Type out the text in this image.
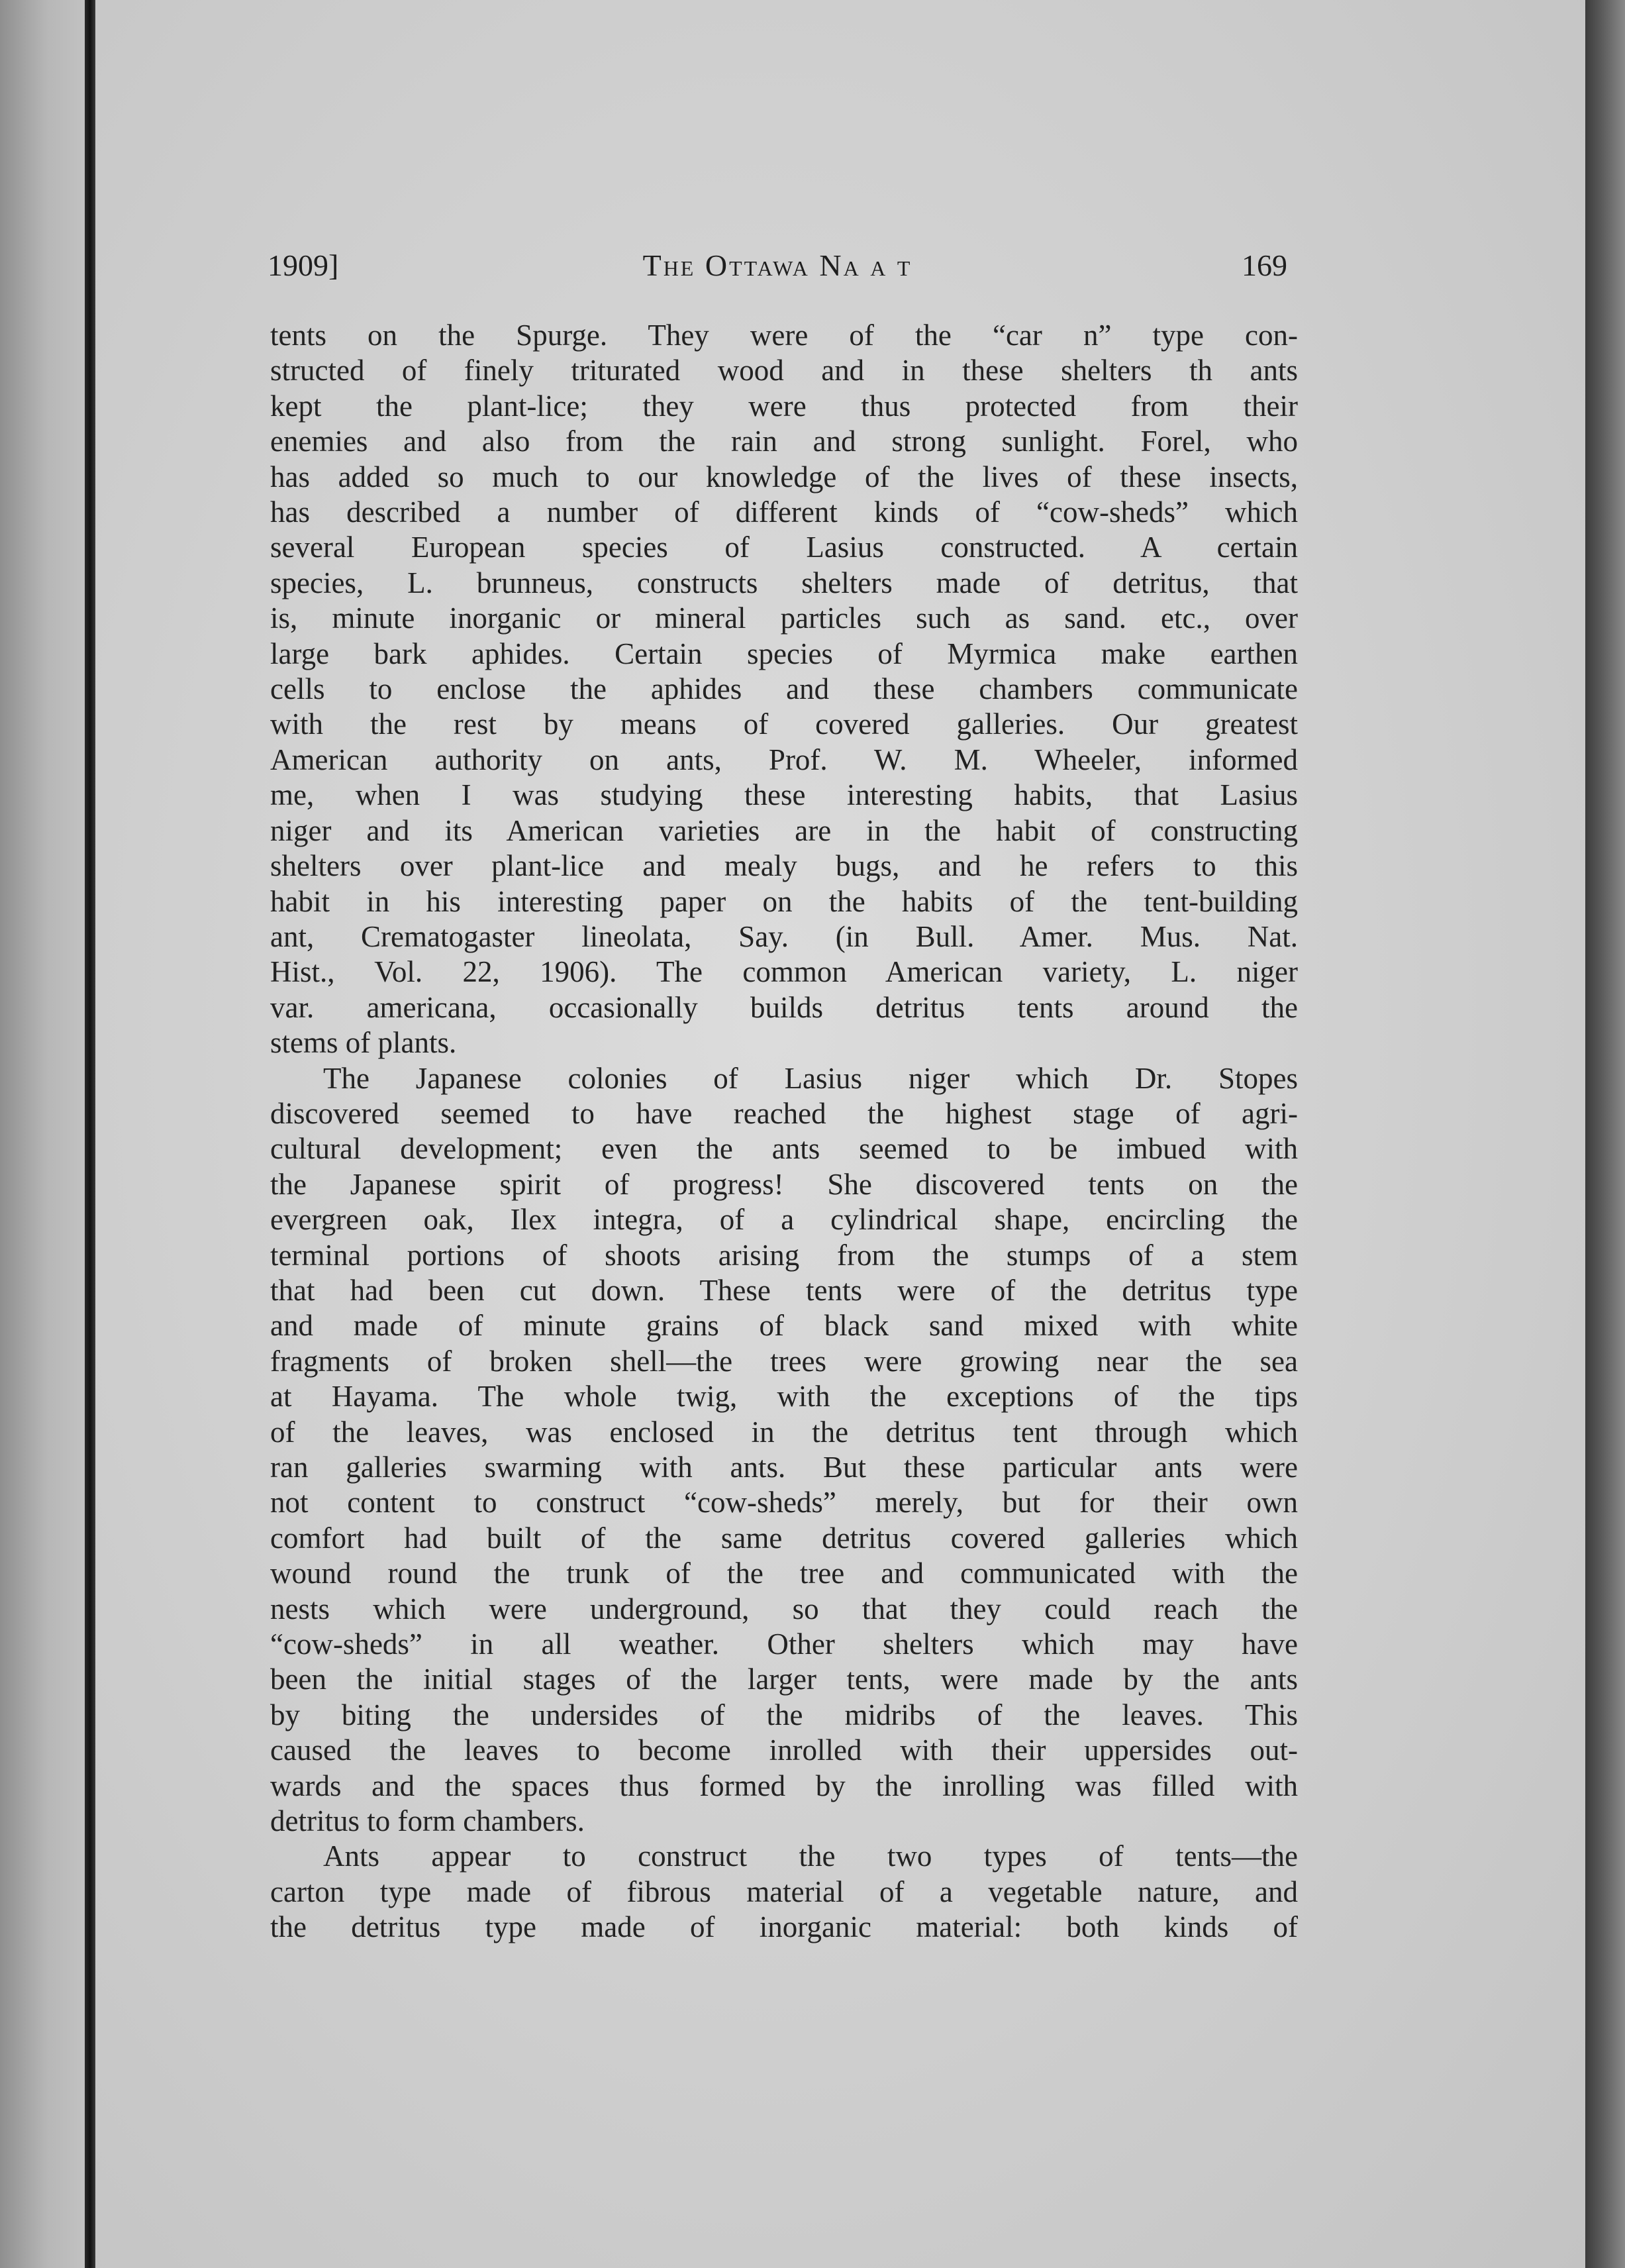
1909]	The Ottawa Na a t	169
tents on the Spurge. They were of the “car n” type con-
structed of finely triturated wood and in these shelters th ants
kept the plant-lice; they were thus protected from their
enemies and also from the rain and strong sunlight. Forel, who
has added so much to our knowledge of the lives of these insects,
has described a number of different kinds of “cow-sheds” which
several European species of Lasius constructed. A certain
species, L. brunneus, constructs shelters made of detritus, that
is, minute inorganic or mineral particles such as sand. etc., over
large bark aphides. Certain species of Myrmica make earthen
cells to enclose the aphides and these chambers communicate
with the rest by means of covered galleries. Our greatest
American authority on ants, Prof. W. M. Wheeler, informed
me, when I was studying these interesting habits, that Lasius
niger and its American varieties are in the habit of constructing
shelters over plant-lice and mealy bugs, and he refers to this
habit in his interesting paper on the habits of the tent-building
ant, Crematogaster lineolata, Say. (in Bull. Amer. Mus. Nat.
Hist., Vol. 22, 1906). The common American variety, L. niger
var. americana, occasionally builds detritus tents around the
stems of plants.
The Japanese colonies of Lasius niger which Dr. Stopes
discovered seemed to have reached the highest stage of agri-
cultural development; even the ants seemed to be imbued with
the Japanese spirit of progress! She discovered tents on the
evergreen oak, Ilex integra, of a cylindrical shape, encircling the
terminal portions of shoots arising from the stumps of a stem
that had been cut down. These tents were of the detritus type
and made of minute grains of black sand mixed with white
fragments of broken shell—the trees were growing near the sea
at Hayama. The whole twig, with the exceptions of the tips
of the leaves, was enclosed in the detritus tent through which
ran galleries swarming with ants. But these particular ants were
not content to construct “cow-sheds” merely, but for their own
comfort had built of the same detritus covered galleries which
wound round the trunk of the tree and communicated with the
nests which were underground, so that they could reach the
“cow-sheds” in all weather. Other shelters which may have
been the initial stages of the larger tents, were made by the ants
by biting the undersides of the midribs of the leaves. This
caused the leaves to become inrolled with their uppersides out-
wards and the spaces thus formed by the inrolling was filled with
detritus to form chambers.
Ants appear to construct the two types of tents—the
carton type made of fibrous material of a vegetable nature, and
the detritus type made of inorganic material: both kinds of
